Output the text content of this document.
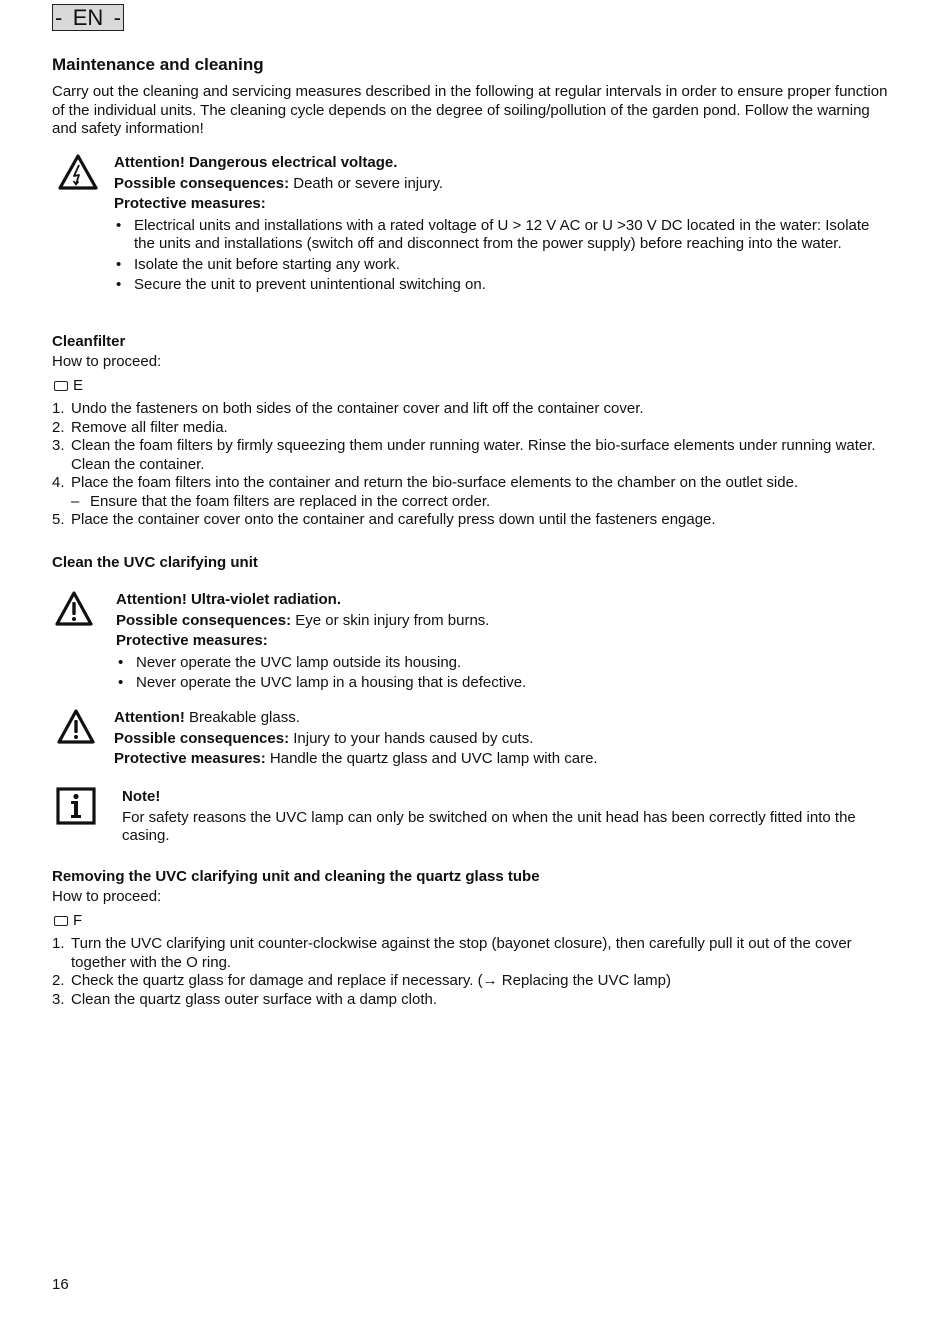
- EN -
Maintenance and cleaning

Carry out the cleaning and servicing measures described in the following at regular intervals in order to ensure proper function of the individual units. The cleaning cycle depends on the degree of soiling/pollution of the garden pond. Follow the warning and safety information!

Attention! Dangerous electrical voltage.

Possible consequences: Death or severe injury.

Protective measures:

• Electrical units and installations with a rated voltage of U > 12 V AC or U >30 V DC located in the water: Isolate the units and installations (switch off and disconnect from the power supply) before reaching into the water.
• Isolate the unit before starting any work.
• Secure the unit to prevent unintentional switching on.
Cleanfilter
How to proceed:
E
1. Undo the fasteners on both sides of the container cover and lift off the container cover.
2. Remove all filter media.
3. Clean the foam filters by firmly squeezing them under running water. Rinse the bio-surface elements under running water. Clean the container.
4. Place the foam filters into the container and return the bio-surface elements to the chamber on the outlet side.
– Ensure that the foam filters are replaced in the correct order.
5. Place the container cover onto the container and carefully press down until the fasteners engage.
Clean the UVC clarifying unit

Attention! Ultra-violet radiation.

Possible consequences: Eye or skin injury from burns.

Protective measures:

• Never operate the UVC lamp outside its housing.
• Never operate the UVC lamp in a housing that is defective.

Attention! Breakable glass.

Possible consequences: Injury to your hands caused by cuts.

Protective measures: Handle the quartz glass and UVC lamp with care.

Note!

For safety reasons the UVC lamp can only be switched on when the unit head has been correctly fitted into the casing.

Removing the UVC clarifying unit and cleaning the quartz glass tube
How to proceed:
F
1. Turn the UVC clarifying unit counter-clockwise against the stop (bayonet closure), then carefully pull it out of the cover together with the O ring.
2. Check the quartz glass for damage and replace if necessary. (→ Replacing the UVC lamp)
3. Clean the quartz glass outer surface with a damp cloth.
16
